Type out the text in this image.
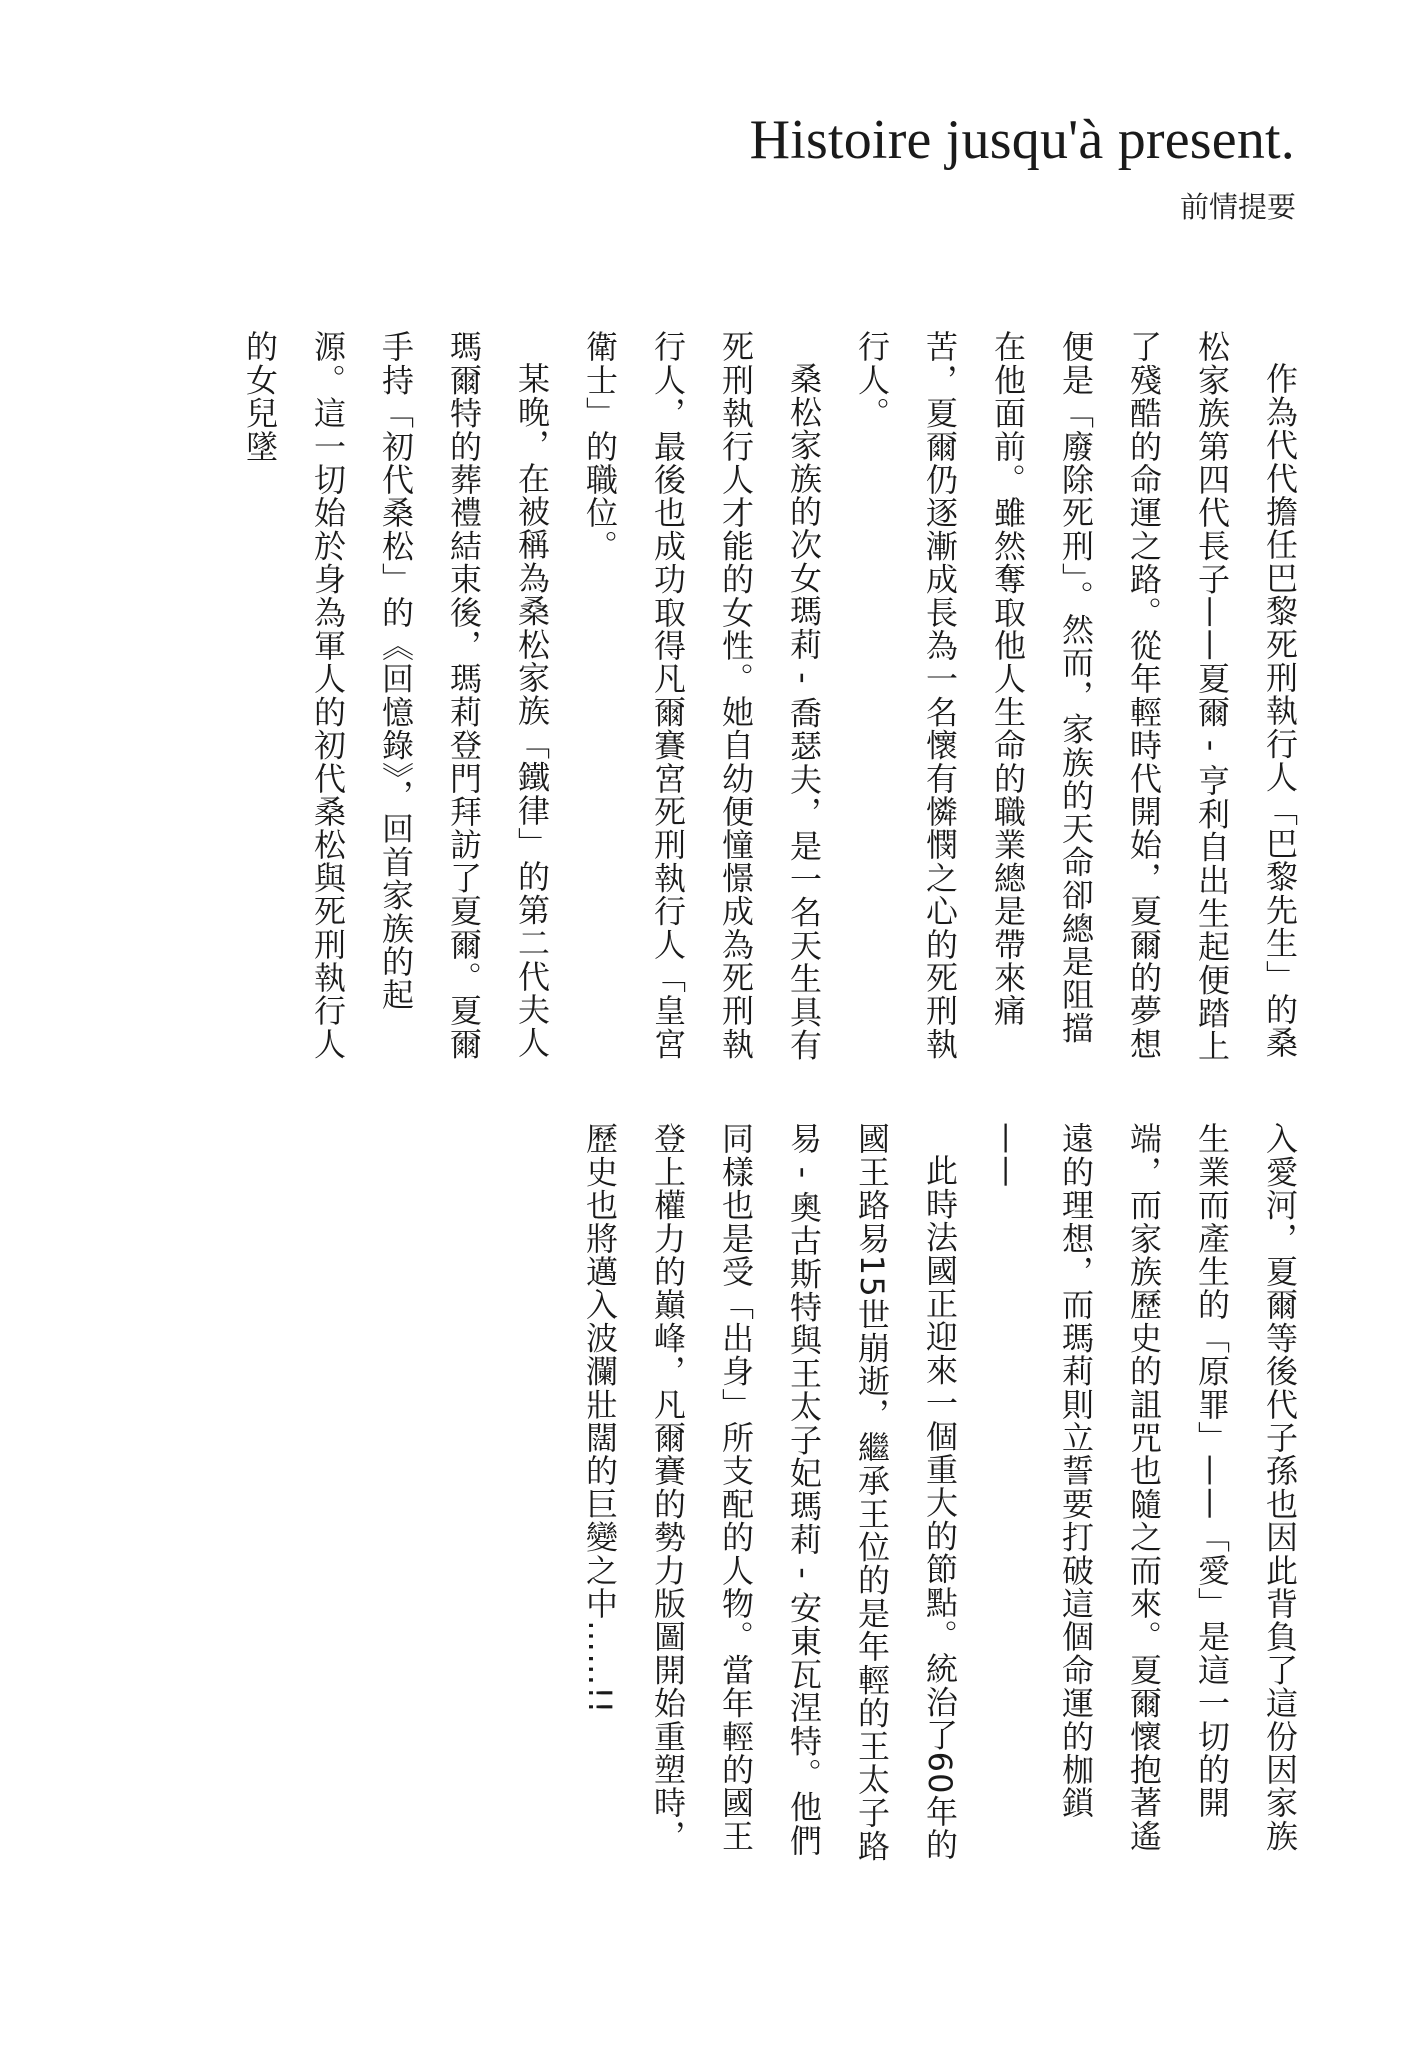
Histoire jusqu'à present.
前情提要

作為代代擔任巴黎死刑執行人「巴黎先生」的桑松家族第四代長子——夏爾 - 亨利自出生起便踏上了殘酷的命運之路。從年輕時代開始，夏爾的夢想便是「廢除死刑」。然而，家族的天命卻總是阻擋在他面前。雖然奪取他人生命的職業總是帶來痛苦，夏爾仍逐漸成長為一名懷有憐憫之心的死刑執行人。

桑松家族的次女瑪莉 - 喬瑟夫，是一名天生具有死刑執行人才能的女性。她自幼便憧憬成為死刑執行人，最後也成功取得凡爾賽宮死刑執行人「皇宮衛士」的職位。

某晚，在被稱為桑松家族「鐵律」的第二代夫人瑪爾特的葬禮結束後，瑪莉登門拜訪了夏爾。夏爾手持「初代桑松」的《回憶錄》，回首家族的起源。這一切始於身為軍人的初代桑松與死刑執行人的女兒墜

入愛河，夏爾等後代子孫也因此背負了這份因家族生業而產生的「原罪」——「愛」是這一切的開端，而家族歷史的詛咒也隨之而來。夏爾懷抱著遙遠的理想，而瑪莉則立誓要打破這個命運的枷鎖——

此時法國正迎來一個重大的節點。統治了60年的國王路易15世崩逝，繼承王位的是年輕的王太子路易 - 奧古斯特與王太子妃瑪莉 - 安東瓦涅特。他們同樣也是受「出身」所支配的人物。當年輕的國王登上權力的巔峰，凡爾賽的勢力版圖開始重塑時，歷史也將邁入波瀾壯闊的巨變之中……!!
